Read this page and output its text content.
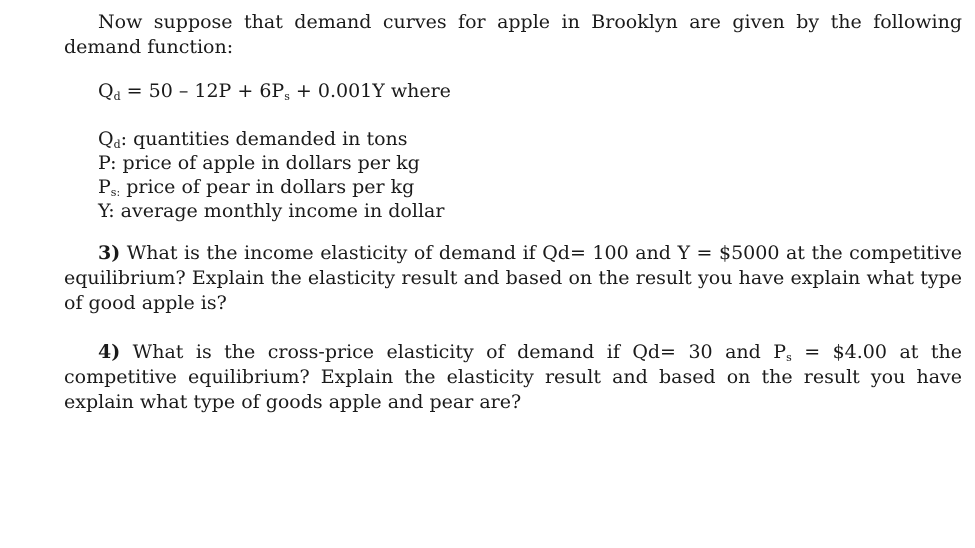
Now suppose that demand curves for apple in Brooklyn are given by the following demand function:

$Q_d = 50 - 12P + 6P_s + 0.001Y$ where
$Q_d$: quantities demanded in tons
P: price of apple in dollars per kg
$P_{s:}$ price of pear in dollars per kg
Y: average monthly income in dollar

3) What is the income elasticity of demand if Qd= 100 and Y = $5000 at the competitive equilibrium? Explain the elasticity result and based on the result you have explain what type of good apple is?

4) What is the cross-price elasticity of demand if Qd= 30 and $P_s$ = $4.00 at the competitive equilibrium? Explain the elasticity result and based on the result you have explain what type of goods apple and pear are?
